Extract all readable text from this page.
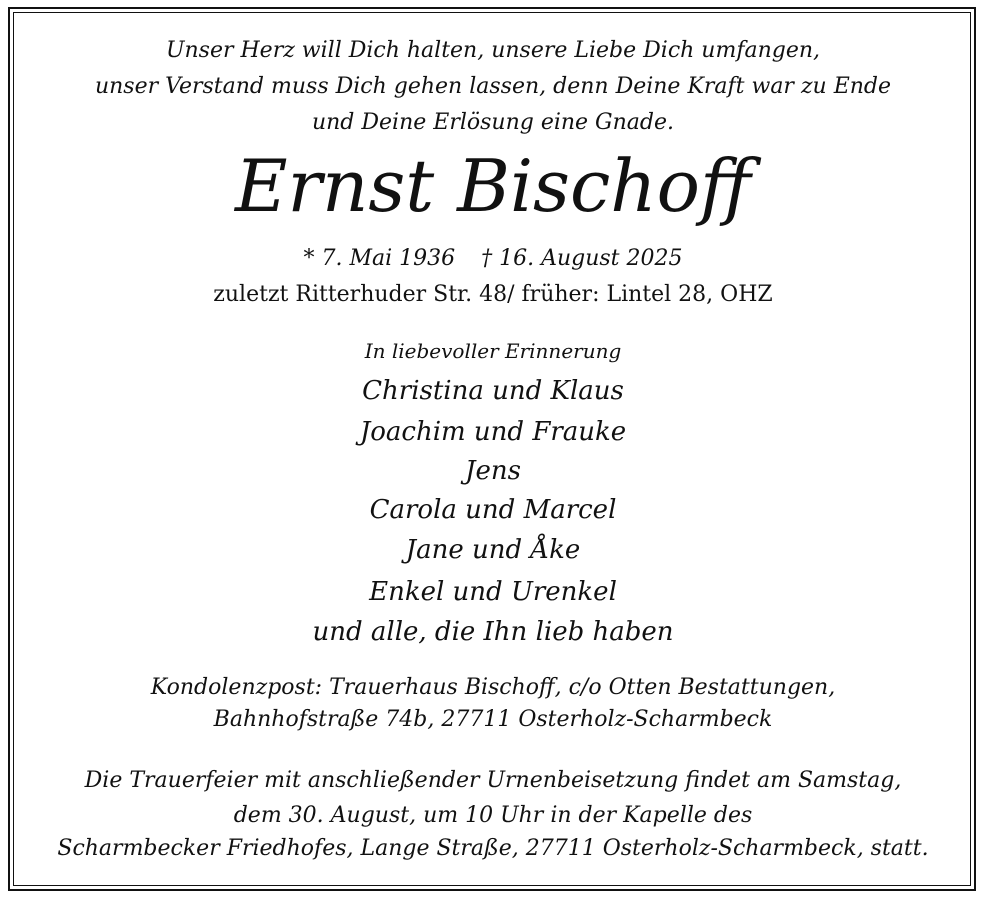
Unser Herz will Dich halten, unsere Liebe Dich umfangen,
unser Verstand muss Dich gehen lassen, denn Deine Kraft war zu Ende
und Deine Erlösung eine Gnade.
Ernst Bischoff
* 7. Mai 1936 † 16. August 2025
zuletzt Ritterhuder Str. 48/ früher: Lintel 28, OHZ
In liebevoller Erinnerung
Christina und Klaus
Joachim und Frauke
Jens
Carola und Marcel
Jane und Åke
Enkel und Urenkel
und alle, die Ihn lieb haben
Kondolenzpost: Trauerhaus Bischoff, c/o Otten Bestattungen,
Bahnhofstraße 74b, 27711 Osterholz-Scharmbeck
Die Trauerfeier mit anschließender Urnenbeisetzung findet am Samstag,
dem 30. August, um 10 Uhr in der Kapelle des
Scharmbecker Friedhofes, Lange Straße, 27711 Osterholz-Scharmbeck, statt.
